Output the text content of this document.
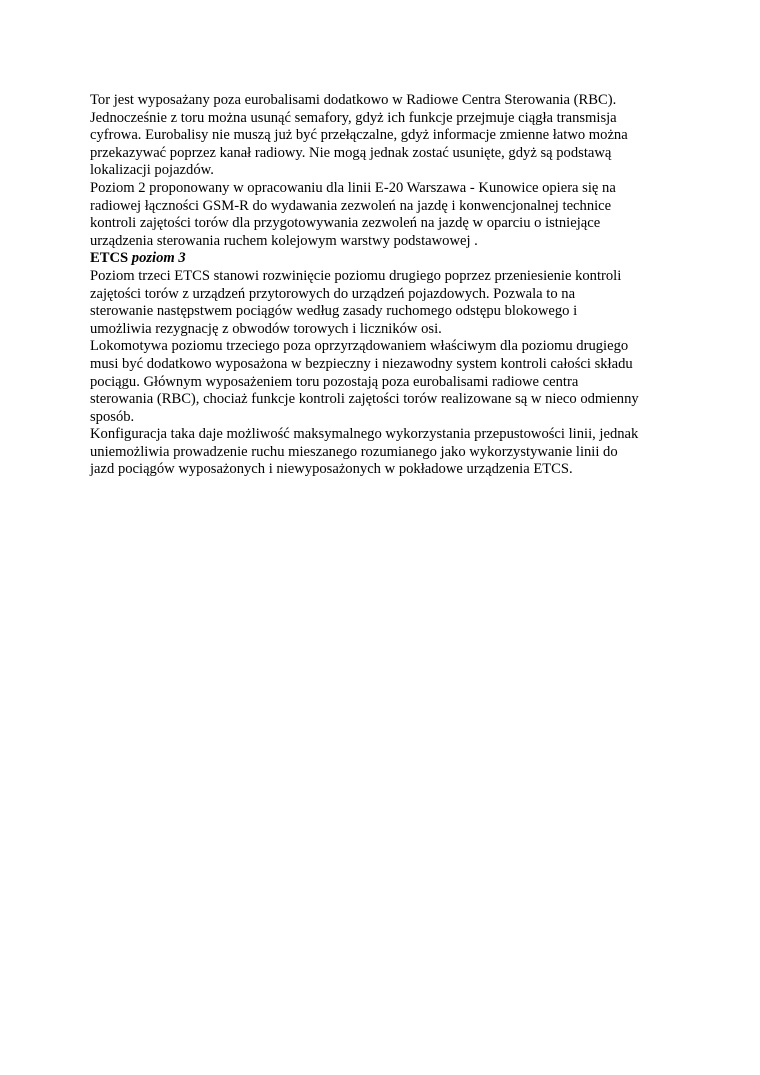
Tor jest wyposażany poza eurobalisami dodatkowo w Radiowe Centra Sterowania (RBC).
Jednocześnie z toru można usunąć semafory, gdyż ich funkcje przejmuje ciągła transmisja
cyfrowa. Eurobalisy nie muszą już być przełączalne, gdyż informacje zmienne łatwo można
przekazywać poprzez kanał radiowy. Nie mogą jednak zostać usunięte, gdyż są podstawą
lokalizacji pojazdów.
Poziom 2 proponowany w opracowaniu dla linii E-20 Warszawa - Kunowice opiera się na
radiowej łączności GSM-R do wydawania zezwoleń na jazdę i konwencjonalnej technice
kontroli zajętości torów dla przygotowywania zezwoleń na jazdę w oparciu o istniejące
urządzenia sterowania ruchem kolejowym warstwy podstawowej .
ETCS poziom 3
Poziom trzeci ETCS stanowi rozwinięcie poziomu drugiego poprzez przeniesienie kontroli
zajętości torów z urządzeń przytorowych do urządzeń pojazdowych. Pozwala to na
sterowanie następstwem pociągów według zasady ruchomego odstępu blokowego i
umożliwia rezygnację z obwodów torowych i liczników osi.
Lokomotywa poziomu trzeciego poza oprzyrządowaniem właściwym dla poziomu drugiego
musi być dodatkowo wyposażona w bezpieczny i niezawodny system kontroli całości składu
pociągu. Głównym wyposażeniem toru pozostają poza eurobalisami radiowe centra
sterowania (RBC), chociaż funkcje kontroli zajętości torów realizowane są w nieco odmienny
sposób.
Konfiguracja taka daje możliwość maksymalnego wykorzystania przepustowości linii, jednak
uniemożliwia prowadzenie ruchu mieszanego rozumianego jako wykorzystywanie linii do
jazd pociągów wyposażonych i niewyposażonych w pokładowe urządzenia ETCS.
